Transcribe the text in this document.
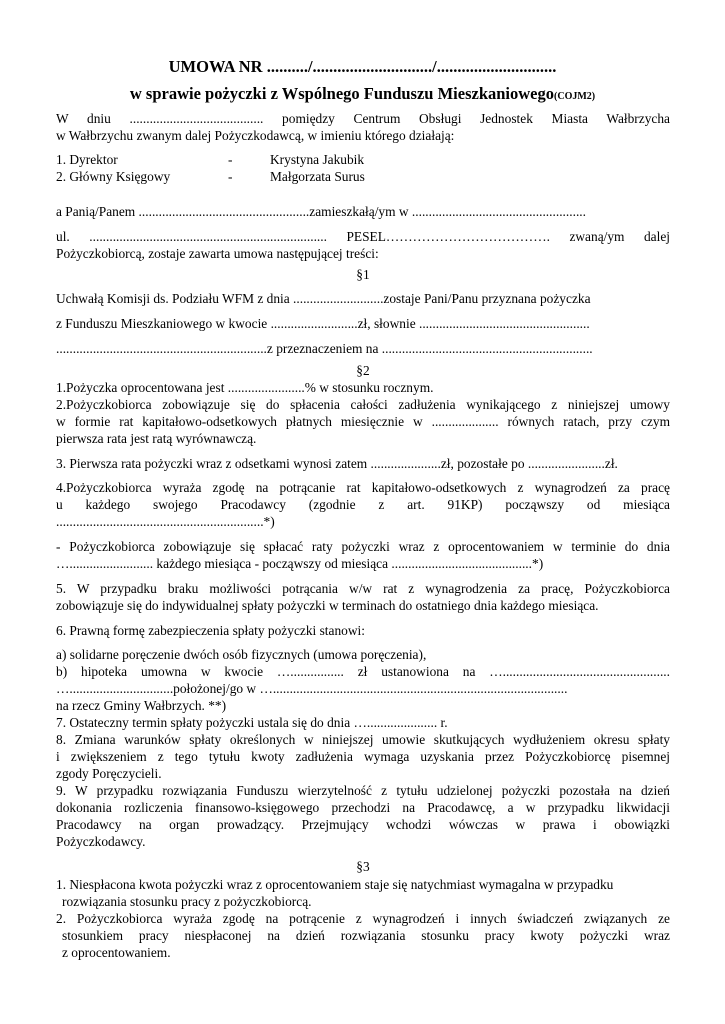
UMOWA NR ........../............................./.............................
w sprawie pożyczki z Wspólnego Funduszu Mieszkaniowego(COJM2)
W dniu ........................................ pomiędzy Centrum Obsługi Jednostek Miasta Wałbrzycha
w Wałbrzychu zwanym dalej Pożyczkodawcą, w imieniu którego działają:
1. Dyrektor	-	Krystyna Jakubik
2. Główny Księgowy	-	Małgorzata Surus
a Panią/Panem ...................................................zamieszkałą/ym w ....................................................
ul. ....................................................................... PESEL………………………………. zwaną/ym dalej
Pożyczkobiorcą, zostaje zawarta umowa następującej treści:
§1
Uchwałą Komisji ds. Podziału WFM z dnia ...........................zostaje Pani/Panu przyznana pożyczka
z Funduszu Mieszkaniowego w kwocie ..........................zł, słownie ...................................................
...............................................................z przeznaczeniem na ...............................................................
§2
1.Pożyczka oprocentowana jest .......................% w stosunku rocznym.
2.Pożyczkobiorca zobowiązuje się do spłacenia całości zadłużenia wynikającego z niniejszej umowy
w formie rat kapitałowo-odsetkowych płatnych miesięcznie w .................... równych ratach, przy czym
pierwsza rata jest ratą wyrównawczą.
3. Pierwsza rata pożyczki wraz z odsetkami wynosi zatem .....................zł, pozostałe po .......................zł.
4.Pożyczkobiorca wyraża zgodę na potrącanie rat kapitałowo-odsetkowych z wynagrodzeń za pracę
u każdego swojego Pracodawcy (zgodnie z art. 91KP) począwszy od miesiąca
..............................................................*)
- Pożyczkobiorca zobowiązuje się spłacać raty pożyczki wraz z oprocentowaniem w terminie do dnia
…......................... każdego miesiąca - począwszy od miesiąca ..........................................*)
5. W przypadku braku możliwości potrącania w/w rat z wynagrodzenia za pracę, Pożyczkobiorca
zobowiązuje się do indywidualnej spłaty pożyczki w terminach do ostatniego dnia każdego miesiąca.
6. Prawną formę zabezpieczenia spłaty pożyczki stanowi:
a) solidarne poręczenie dwóch osób fizycznych (umowa poręczenia),
b) hipoteka umowna w kwocie …................ zł ustanowiona na …..................................................
…...............................położonej/go w …........................................................................................
na rzecz Gminy Wałbrzych. **)
7. Ostateczny termin spłaty pożyczki ustala się do dnia …..................... r.
8. Zmiana warunków spłaty określonych w niniejszej umowie skutkujących wydłużeniem okresu spłaty
i zwiększeniem z tego tytułu kwoty zadłużenia wymaga uzyskania przez Pożyczkobiorcę pisemnej
zgody Poręczycieli.
9. W przypadku rozwiązania Funduszu wierzytelność z tytułu udzielonej pożyczki pozostała na dzień
dokonania rozliczenia finansowo-księgowego przechodzi na Pracodawcę, a w przypadku likwidacji
Pracodawcy na organ prowadzący. Przejmujący wchodzi wówczas w prawa i obowiązki
Pożyczkodawcy.
§3
1. Niespłacona kwota pożyczki wraz z oprocentowaniem staje się natychmiast wymagalna w przypadku
rozwiązania stosunku pracy z pożyczkobiorcą.
2. Pożyczkobiorca wyraża zgodę na potrącenie z wynagrodzeń i innych świadczeń związanych ze
stosunkiem pracy niespłaconej na dzień rozwiązania stosunku pracy kwoty pożyczki wraz
z oprocentowaniem.
